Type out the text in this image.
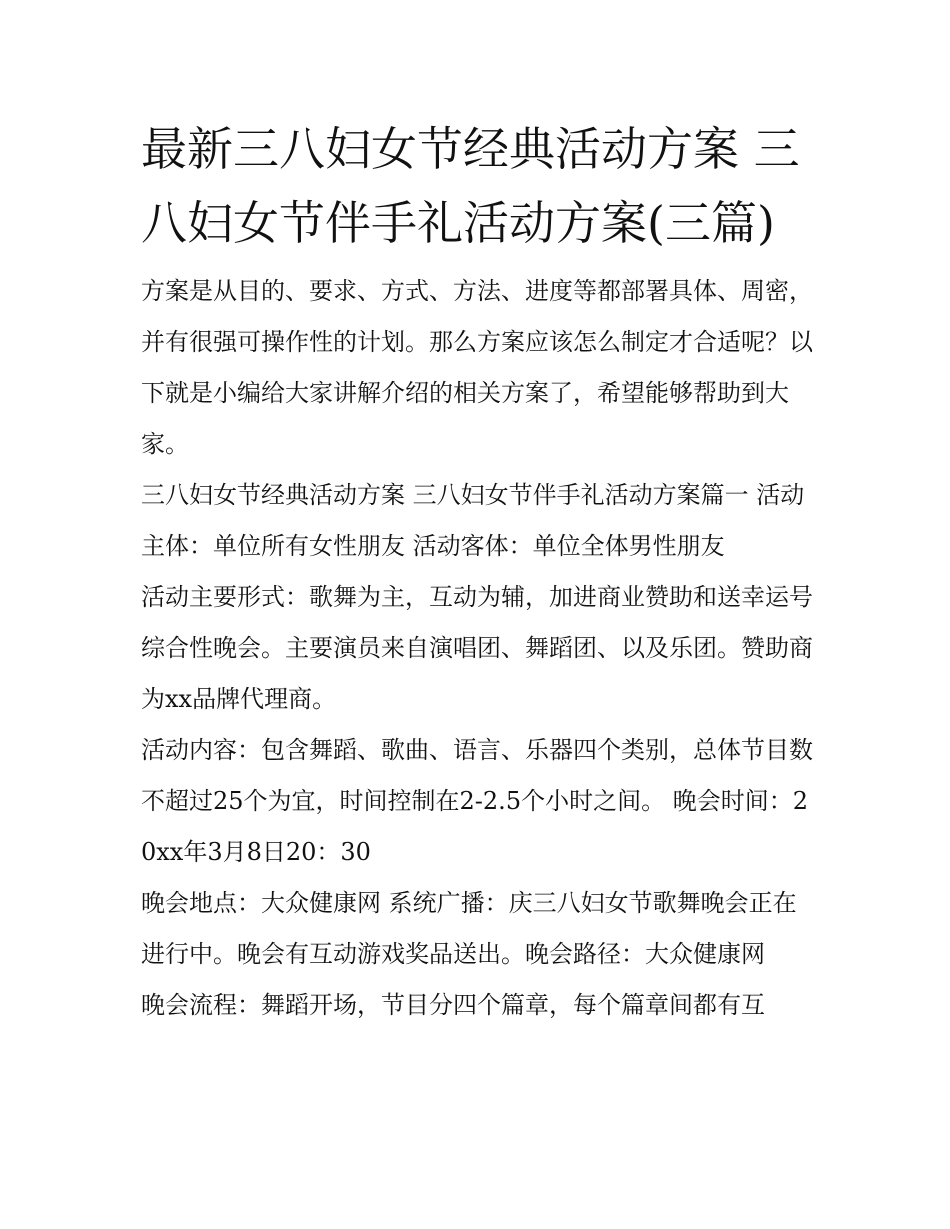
最新三八妇女节经典活动方案 三八妇女节伴手礼活动方案(三篇)

方案是从目的、要求、方式、方法、进度等都部署具体、周密，并有很强可操作性的计划。那么方案应该怎么制定才合适呢？以下就是小编给大家讲解介绍的相关方案了，希望能够帮助到大家。

三八妇女节经典活动方案 三八妇女节伴手礼活动方案篇一 活动主体：单位所有女性朋友 活动客体：单位全体男性朋友

活动主要形式：歌舞为主，互动为辅，加进商业赞助和送幸运号综合性晚会。主要演员来自演唱团、舞蹈团、以及乐团。赞助商为xx品牌代理商。

活动内容：包含舞蹈、歌曲、语言、乐器四个类别，总体节目数不超过25个为宜，时间控制在2-2.5个小时之间。 晚会时间：20xx年3月8日20：30

晚会地点：大众健康网 系统广播：庆三八妇女节歌舞晚会正在进行中。晚会有互动游戏奖品送出。晚会路径：大众健康网

晚会流程：舞蹈开场，节目分四个篇章，每个篇章间都有互
